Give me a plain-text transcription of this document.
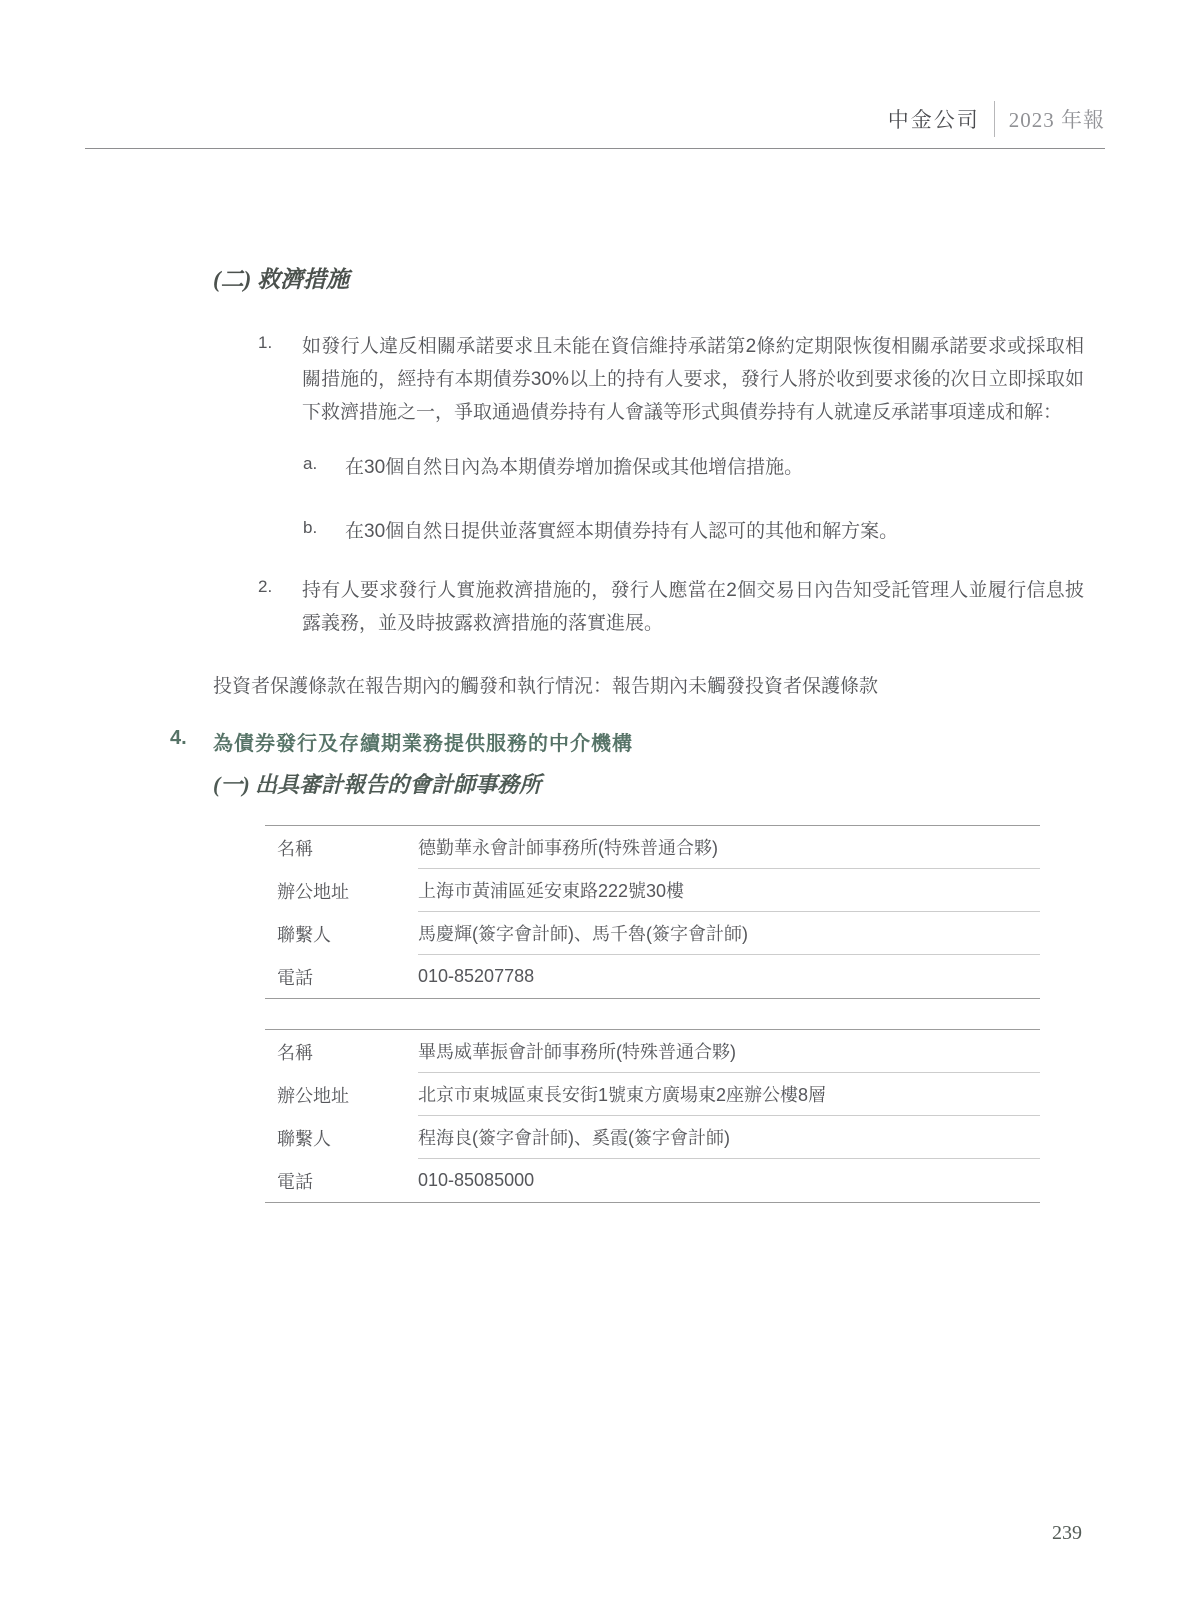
中金公司 2023 年報
(二) 救濟措施
1.	如發行人違反相關承諾要求且未能在資信維持承諾第2條約定期限恢復相關承諾要求或採取相關措施的，經持有本期債券30%以上的持有人要求，發行人將於收到要求後的次日立即採取如下救濟措施之一，爭取通過債券持有人會議等形式與債券持有人就違反承諾事項達成和解：
a.	在30個自然日內為本期債券增加擔保或其他增信措施。
b.	在30個自然日提供並落實經本期債券持有人認可的其他和解方案。
2.	持有人要求發行人實施救濟措施的，發行人應當在2個交易日內告知受託管理人並履行信息披露義務，並及時披露救濟措施的落實進展。
投資者保護條款在報告期內的觸發和執行情況：報告期內未觸發投資者保護條款
4.	為債券發行及存續期業務提供服務的中介機構
(一) 出具審計報告的會計師事務所
名稱	德勤華永會計師事務所(特殊普通合夥)
辦公地址	上海市黃浦區延安東路222號30樓
聯繫人	馬慶輝(簽字會計師)、馬千魯(簽字會計師)
電話	010-85207788
名稱	畢馬威華振會計師事務所(特殊普通合夥)
辦公地址	北京市東城區東長安街1號東方廣場東2座辦公樓8層
聯繫人	程海良(簽字會計師)、奚霞(簽字會計師)
電話	010-85085000
239
